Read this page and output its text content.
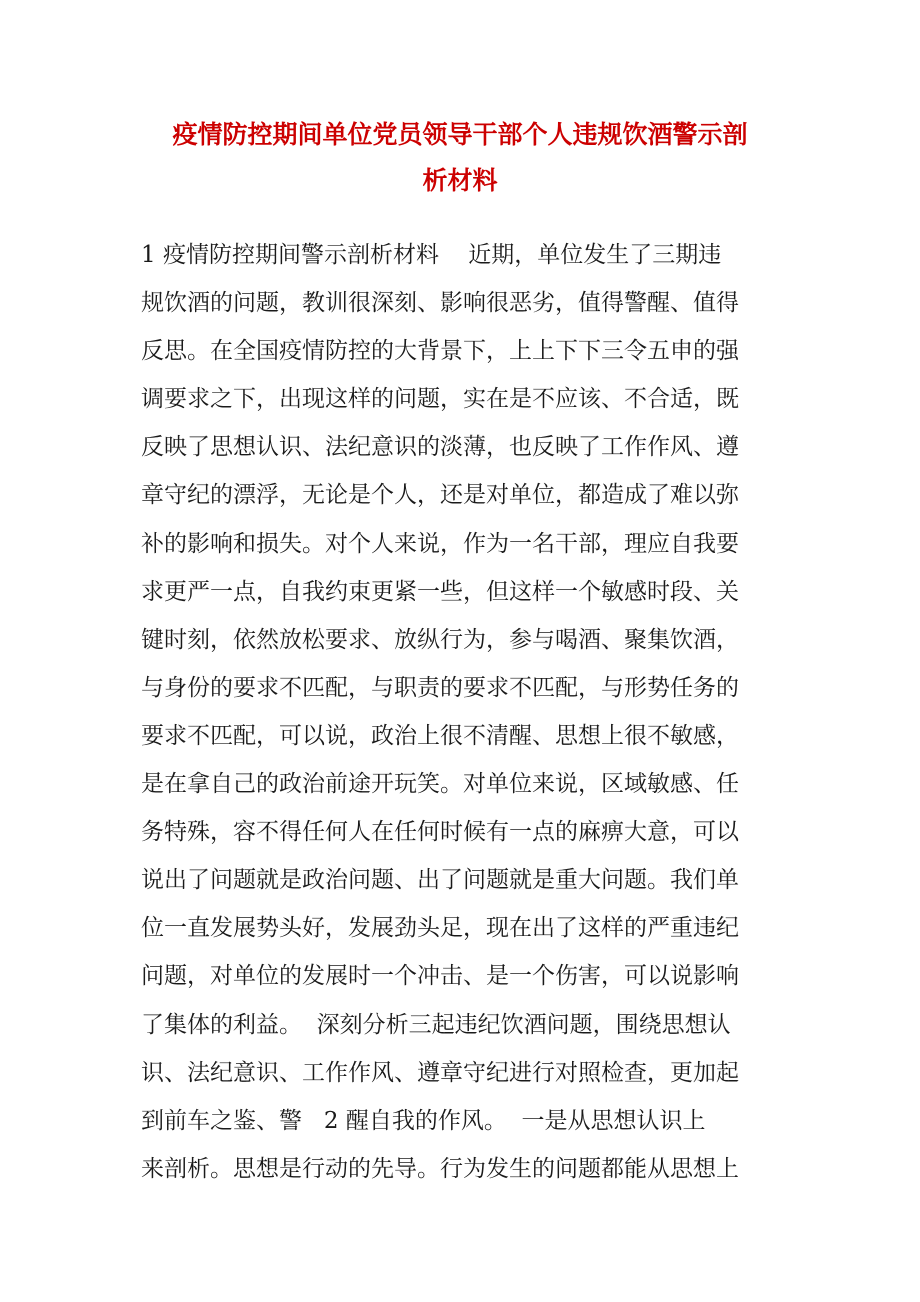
疫情防控期间单位党员领导干部个人违规饮酒警示剖
析材料
1 疫情防控期间警示剖析材料    近期，单位发生了三期违
规饮酒的问题，教训很深刻、影响很恶劣，值得警醒、值得
反思。在全国疫情防控的大背景下，上上下下三令五申的强
调要求之下，出现这样的问题，实在是不应该、不合适，既
反映了思想认识、法纪意识的淡薄，也反映了工作作风、遵
章守纪的漂浮，无论是个人，还是对单位，都造成了难以弥
补的影响和损失。对个人来说，作为一名干部，理应自我要
求更严一点，自我约束更紧一些，但这样一个敏感时段、关
键时刻，依然放松要求、放纵行为，参与喝酒、聚集饮酒，
与身份的要求不匹配，与职责的要求不匹配，与形势任务的
要求不匹配，可以说，政治上很不清醒、思想上很不敏感，
是在拿自己的政治前途开玩笑。对单位来说，区域敏感、任
务特殊，容不得任何人在任何时候有一点的麻痹大意，可以
说出了问题就是政治问题、出了问题就是重大问题。我们单
位一直发展势头好，发展劲头足，现在出了这样的严重违纪
问题，对单位的发展时一个冲击、是一个伤害，可以说影响
了集体的利益。  深刻分析三起违纪饮酒问题，围绕思想认
识、法纪意识、工作作风、遵章守纪进行对照检查，更加起
到前车之鉴、警   2 醒自我的作风。  一是从思想认识上
来剖析。思想是行动的先导。行为发生的问题都能从思想上
